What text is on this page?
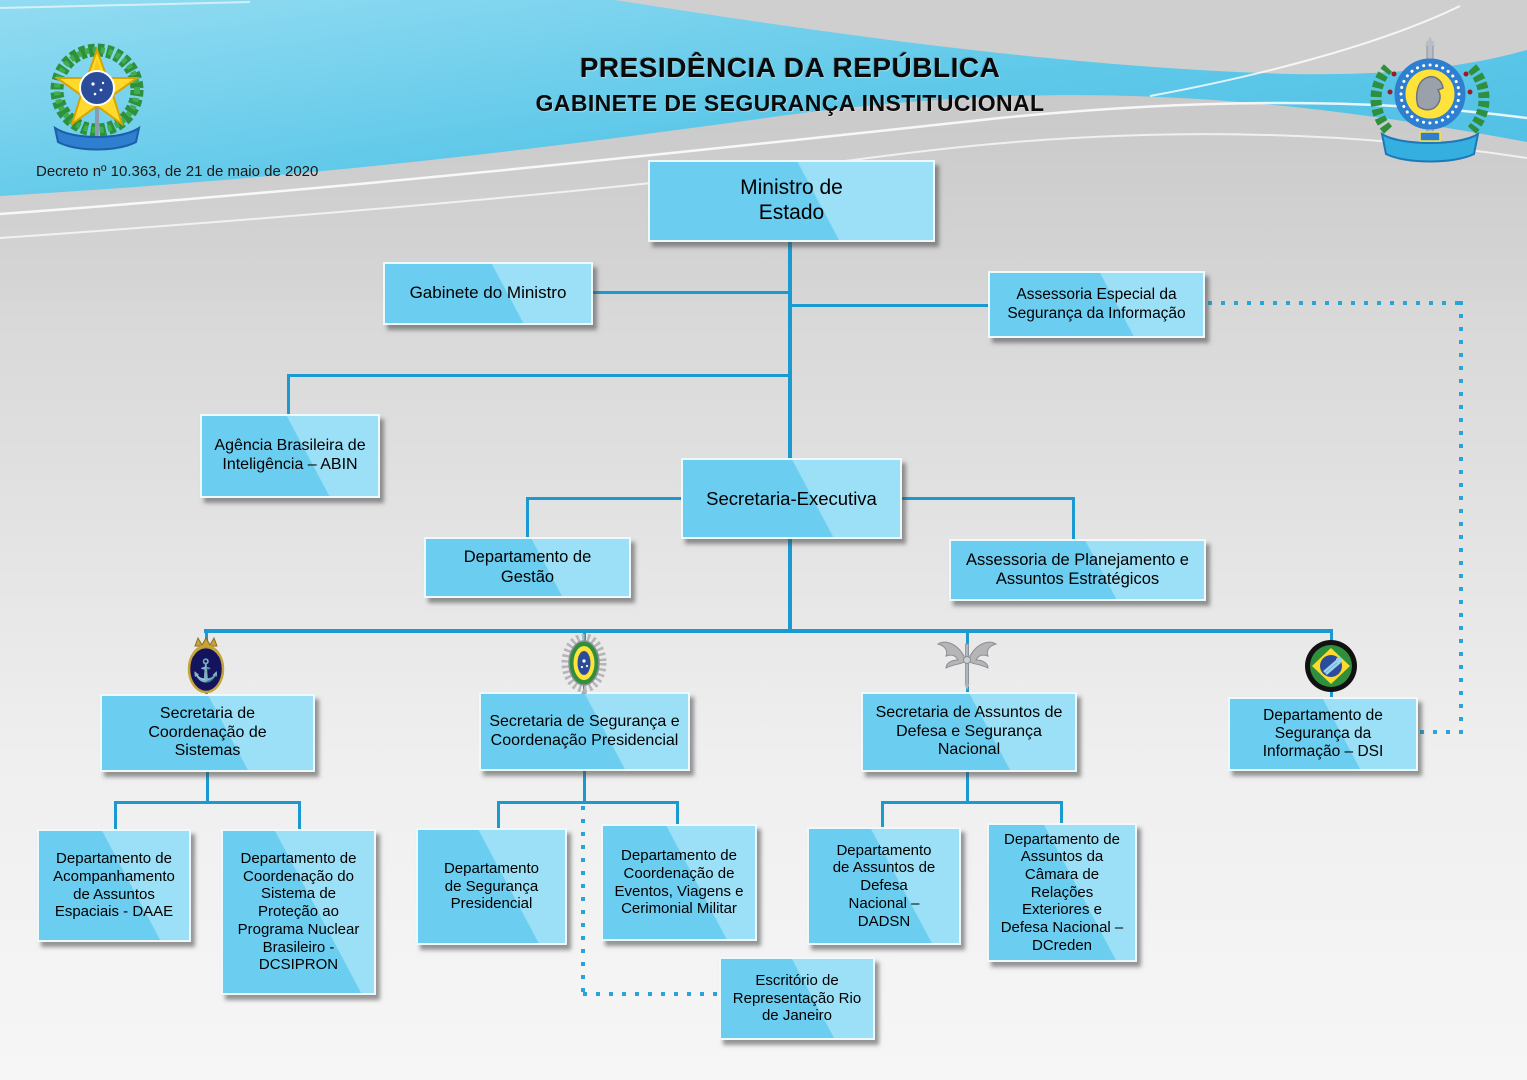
PRESIDÊNCIA DA REPÚBLICA
GABINETE DE SEGURANÇA INSTITUCIONAL
Decreto nº 10.363, de 21 de maio de 2020
⚓
Ministro de Estado
Gabinete do Ministro	Assessoria Especial da Segurança da Informação
Agência Brasileira de Inteligência – ABIN
Secretaria-Executiva
Departamento de Gestão
Assessoria de Planejamento e Assuntos Estratégicos
Secretaria de Coordenação de Sistemas
Secretaria de Segurança e Coordenação Presidencial
Secretaria de Assuntos de Defesa e Segurança Nacional
Departamento de Segurança da Informação – DSI
Departamento de Acompanhamento de Assuntos Espaciais - DAAE
Departamento de Coordenação do Sistema de Proteção ao Programa Nuclear Brasileiro - DCSIPRON
Departamento de Segurança Presidencial
Departamento de Coordenação de Eventos, Viagens e Cerimonial Militar
Departamento de Assuntos de Defesa Nacional – DADSN
Departamento de Assuntos da Câmara de Relações Exteriores e Defesa Nacional – DCreden
Escritório de Representação Rio de Janeiro
